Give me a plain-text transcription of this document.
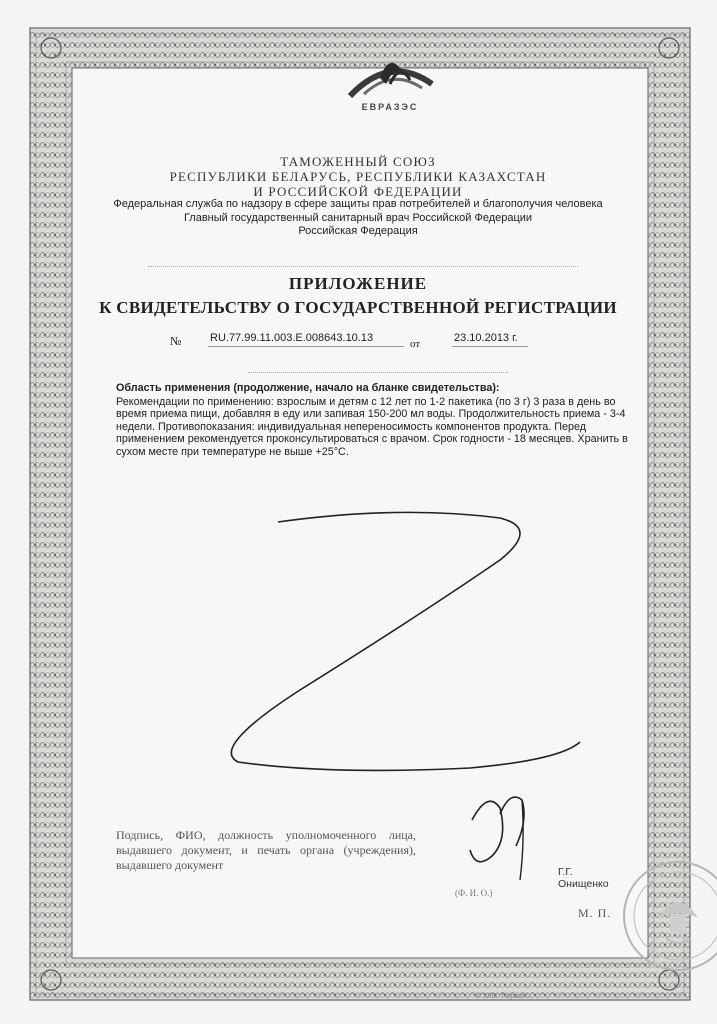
ЕВРАЗЭС
ТАМОЖЕННЫЙ СОЮЗ
РЕСПУБЛИКИ БЕЛАРУСЬ, РЕСПУБЛИКИ КАЗАХСТАН
И РОССИЙСКОЙ ФЕДЕРАЦИИ
Федеральная служба по надзору в сфере защиты прав потребителей и благополучия человека
Главный государственный санитарный врач Российской Федерации
Российская Федерация
ПРИЛОЖЕНИЕ
К СВИДЕТЕЛЬСТВУ О ГОСУДАРСТВЕННОЙ РЕГИСТРАЦИИ
№	RU.77.99.11.003.E.008643.10.13	от	23.10.2013 г.
Область применения (продолжение, начало на бланке свидетельства):
Рекомендации по применению: взрослым и детям с 12 лет по 1-2 пакетика (по 3 г) 3 раза в день во время приема пищи, добавляя в еду или запивая 150-200 мл воды. Продолжительность приема - 3-4 недели. Противопоказания: индивидуальная непереносимость компонентов продукта. Перед применением рекомендуется проконсультироваться с врачом. Срок годности - 18 месяцев. Хранить в сухом месте при температуре не выше +25°С.
Подпись, ФИО, должность уполномоченного лица, выдавшего документ, и печать органа (учреждения), выдавшего документ	Г.Г. Онищенко
(Ф. И. О.)
М. П.
© 3ЛО "Первая"...
